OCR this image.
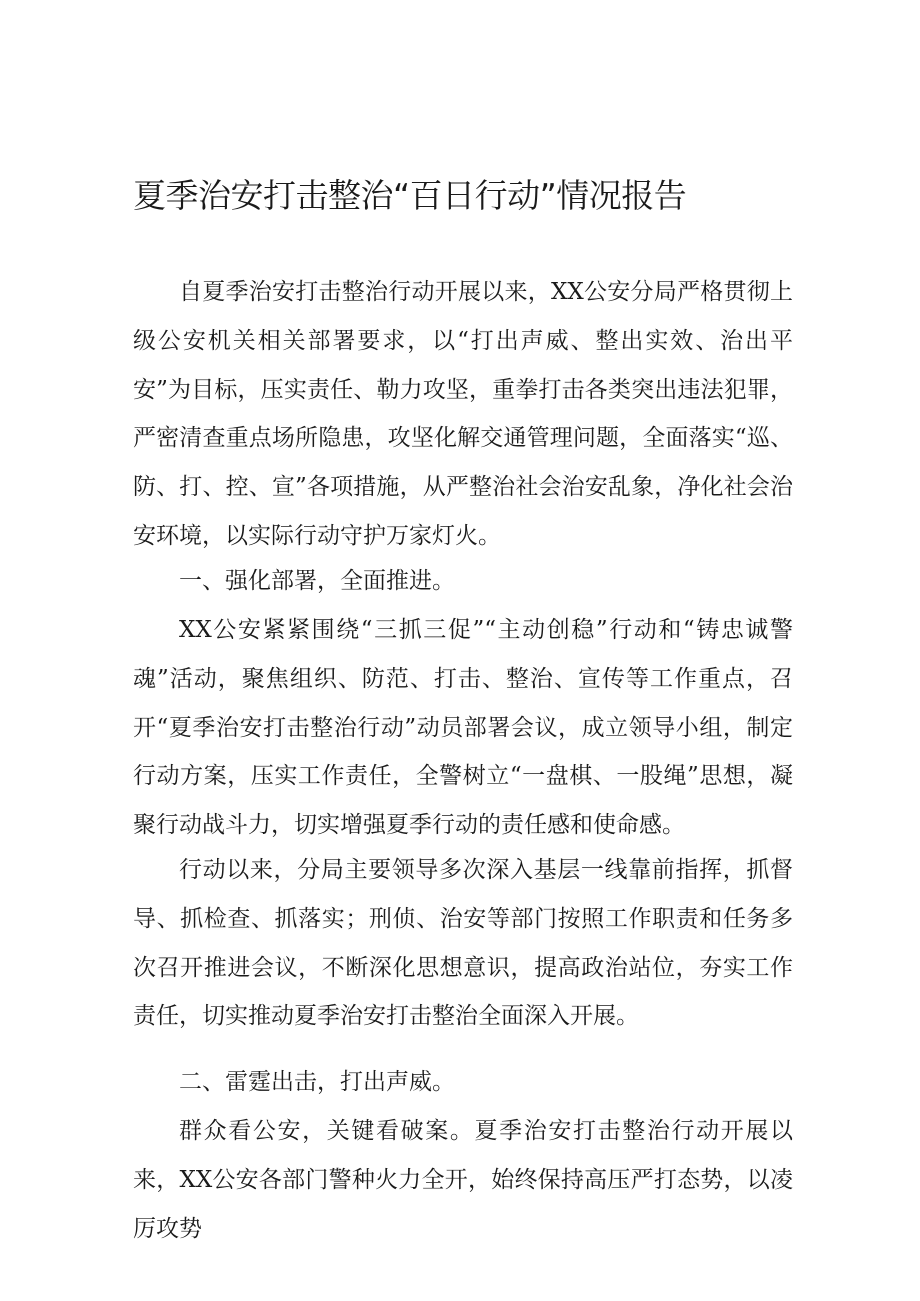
夏季治安打击整治“百日行动”情况报告

自夏季治安打击整治行动开展以来，XX公安分局严格贯彻上级公安机关相关部署要求，以“打出声威、整出实效、治出平安”为目标，压实责任、勒力攻坚，重拳打击各类突出违法犯罪，严密清查重点场所隐患，攻坚化解交通管理问题，全面落实“巡、防、打、控、宣”各项措施，从严整治社会治安乱象，净化社会治安环境，以实际行动守护万家灯火。

一、强化部署，全面推进。

XX公安紧紧围绕“三抓三促”“主动创稳”行动和“铸忠诚警魂”活动，聚焦组织、防范、打击、整治、宣传等工作重点，召开“夏季治安打击整治行动”动员部署会议，成立领导小组，制定行动方案，压实工作责任，全警树立“一盘棋、一股绳”思想，凝聚行动战斗力，切实增强夏季行动的责任感和使命感。

行动以来，分局主要领导多次深入基层一线靠前指挥，抓督导、抓检查、抓落实；刑侦、治安等部门按照工作职责和任务多次召开推进会议，不断深化思想意识，提高政治站位，夯实工作责任，切实推动夏季治安打击整治全面深入开展。

二、雷霆出击，打出声威。

群众看公安，关键看破案。夏季治安打击整治行动开展以来，XX公安各部门警种火力全开，始终保持高压严打态势，以凌厉攻势
